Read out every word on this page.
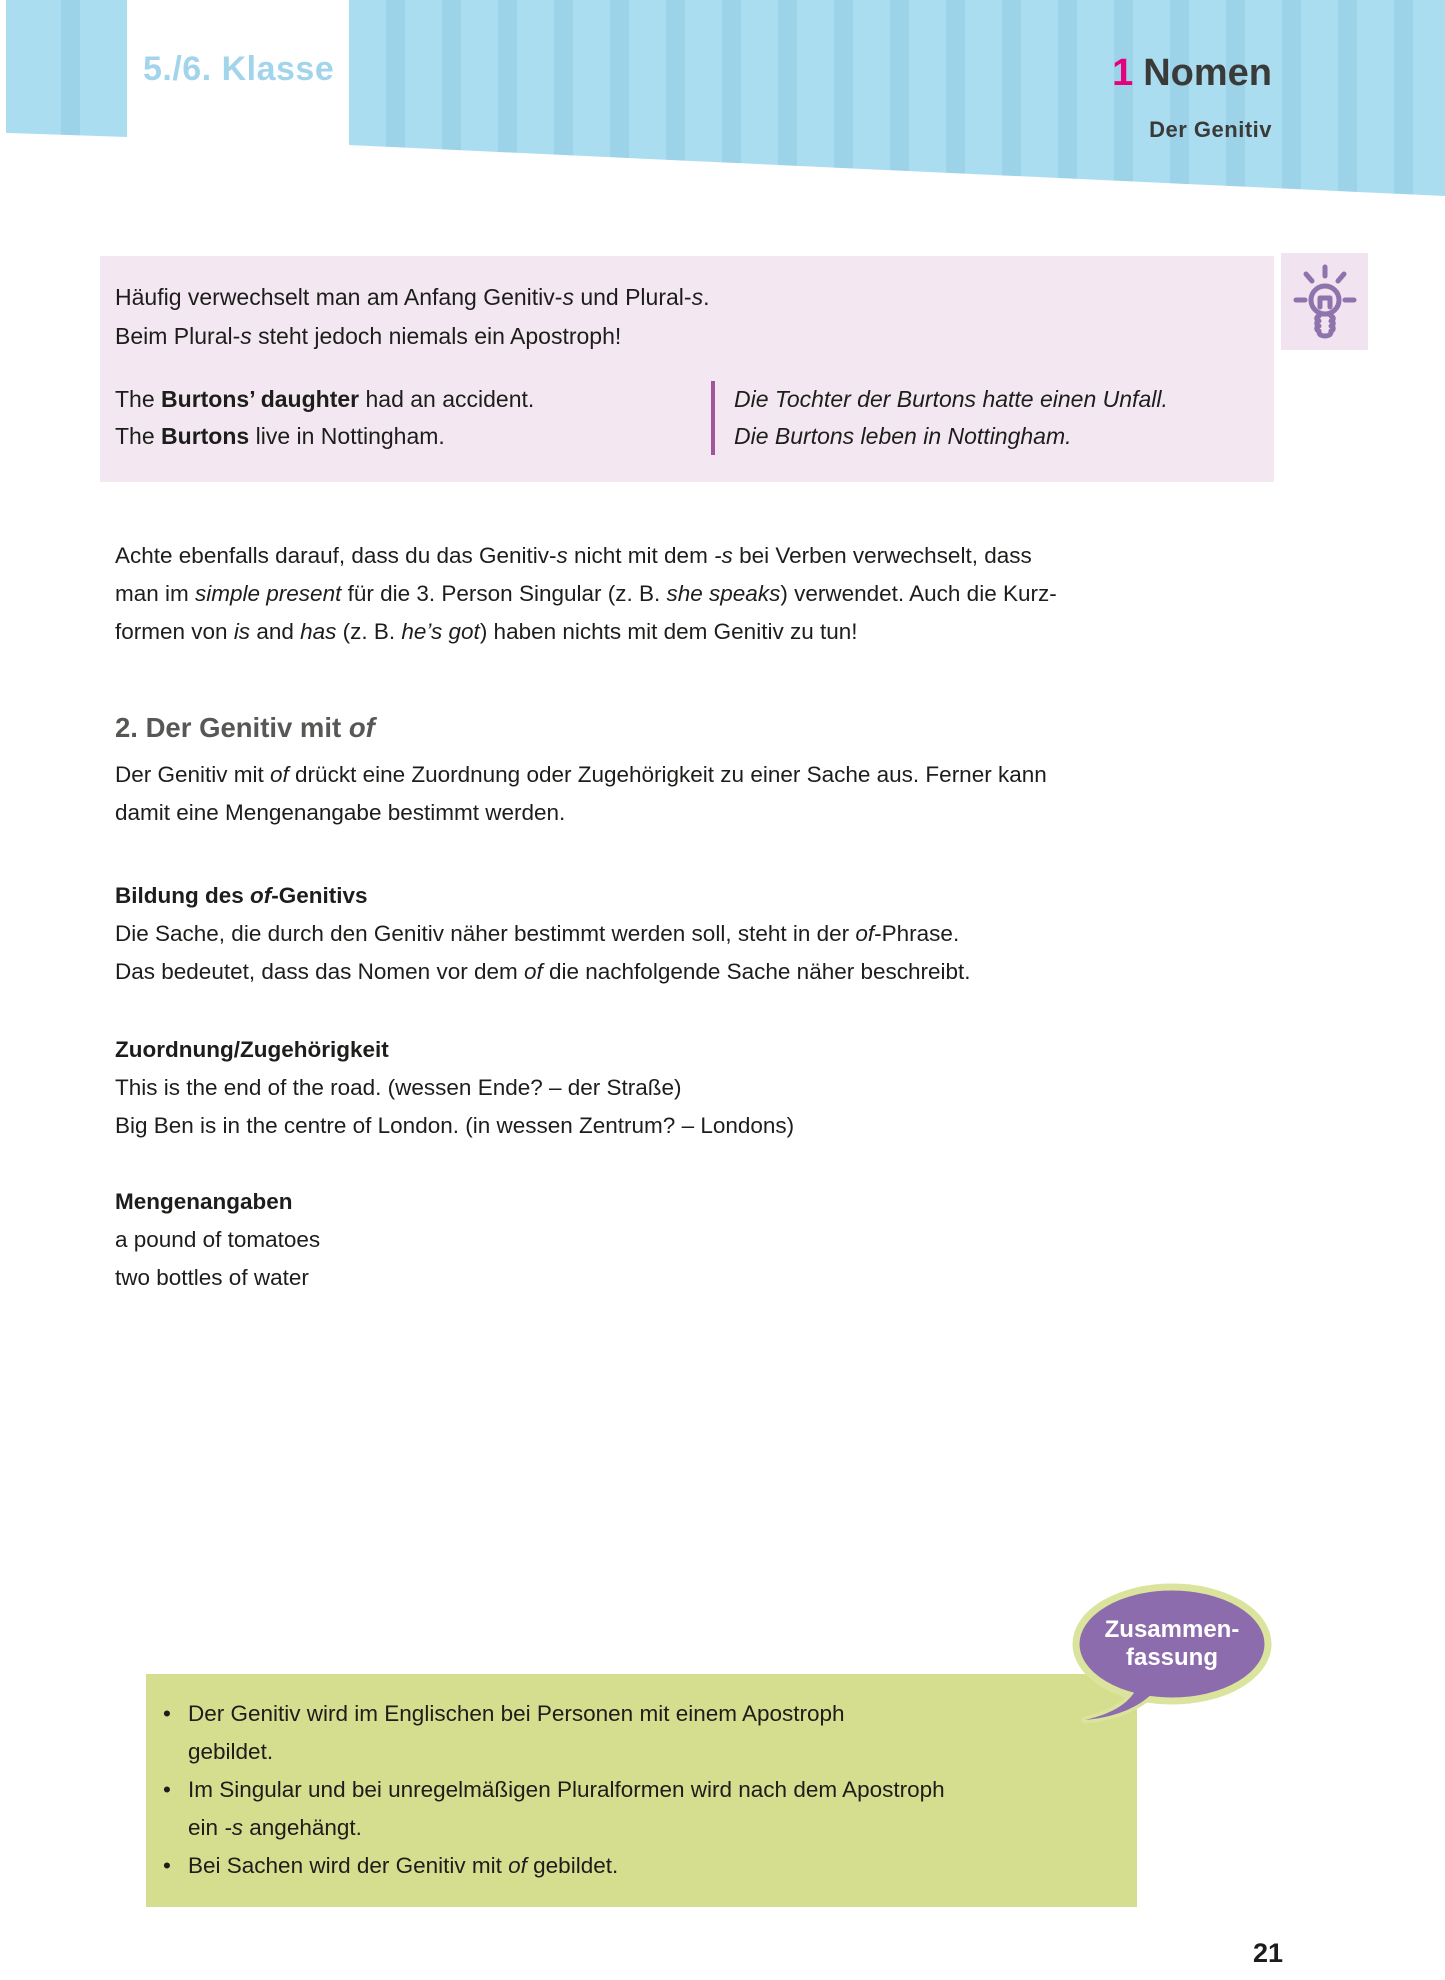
5./6. Klasse	1 Nomen
Der Genitiv
Häufig verwechselt man am Anfang Genitiv-s und Plural-s.
Beim Plural-s steht jedoch niemals ein Apostroph!
The Burtons’ daughter had an accident.
The Burtons live in Nottingham.
Die Tochter der Burtons hatte einen Unfall.
Die Burtons leben in Nottingham.
Achte ebenfalls darauf, dass du das Genitiv-s nicht mit dem -s bei Verben verwechselt, dass
man im simple present für die 3. Person Singular (z. B. she speaks) verwendet. Auch die Kurz-
formen von is and has (z. B. he’s got) haben nichts mit dem Genitiv zu tun!
2. Der Genitiv mit of
Der Genitiv mit of drückt eine Zuordnung oder Zugehörigkeit zu einer Sache aus. Ferner kann
damit eine Mengenangabe bestimmt werden.
Bildung des of-Genitivs
Die Sache, die durch den Genitiv näher bestimmt werden soll, steht in der of-Phrase.
Das bedeutet, dass das Nomen vor dem of die nachfolgende Sache näher beschreibt.
Zuordnung/Zugehörigkeit
This is the end of the road. (wessen Ende? – der Straße)
Big Ben is in the centre of London. (in wessen Zentrum? – Londons)
Mengenangaben
a pound of tomatoes
two bottles of water
• Der Genitiv wird im Englischen bei Personen mit einem Apostroph
gebildet.
• Im Singular und bei unregelmäßigen Pluralformen wird nach dem Apostroph
ein -s angehängt.
• Bei Sachen wird der Genitiv mit of gebildet.
Zusammen-
fassung
21
